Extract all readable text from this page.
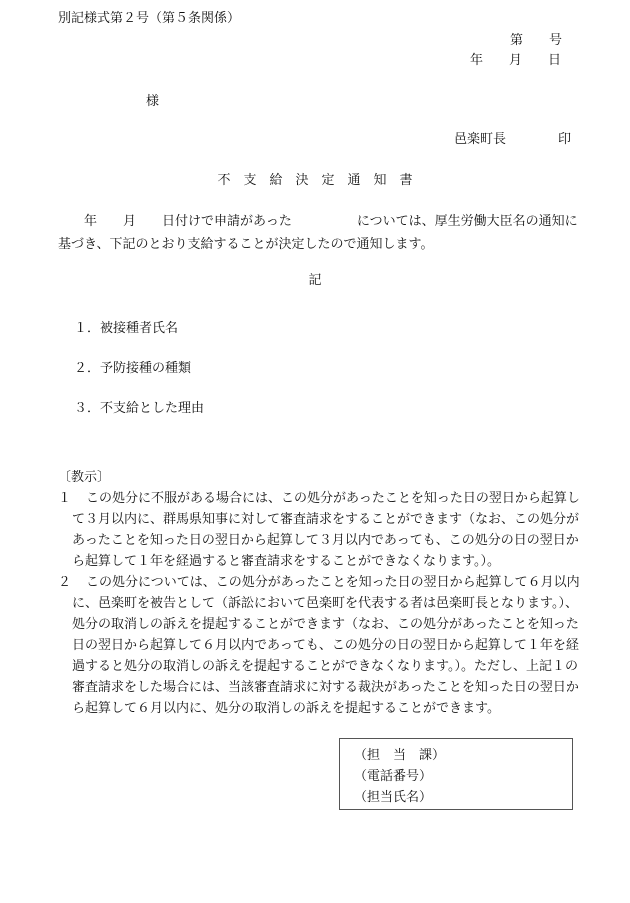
別記様式第２号（第５条関係）
第　　号
年　　月　　日
様
邑楽町長　　　　印
不　支　給　決　定　通　知　書
　　年　　月　　日付けで申請があった　　　　　については、厚生労働大臣名の通知に基づき、下記のとおり支給することが決定したので通知します。
記
１．被接種者氏名
２．予防接種の種類
３．不支給とした理由
〔教示〕
１	この処分に不服がある場合には、この処分があったことを知った日の翌日から起算して３月以内に、群馬県知事に対して審査請求をすることができます（なお、この処分があったことを知った日の翌日から起算して３月以内であっても、この処分の日の翌日から起算して１年を経過すると審査請求をすることができなくなります。）。
２	この処分については、この処分があったことを知った日の翌日から起算して６月以内に、邑楽町を被告として（訴訟において邑楽町を代表する者は邑楽町長となります。）、処分の取消しの訴えを提起することができます（なお、この処分があったことを知った日の翌日から起算して６月以内であっても、この処分の日の翌日から起算して１年を経過すると処分の取消しの訴えを提起することができなくなります。）。ただし、上記１の審査請求をした場合には、当該審査請求に対する裁決があったことを知った日の翌日から起算して６月以内に、処分の取消しの訴えを提起することができます。
（担　当　課）
（電話番号）
（担当氏名）
